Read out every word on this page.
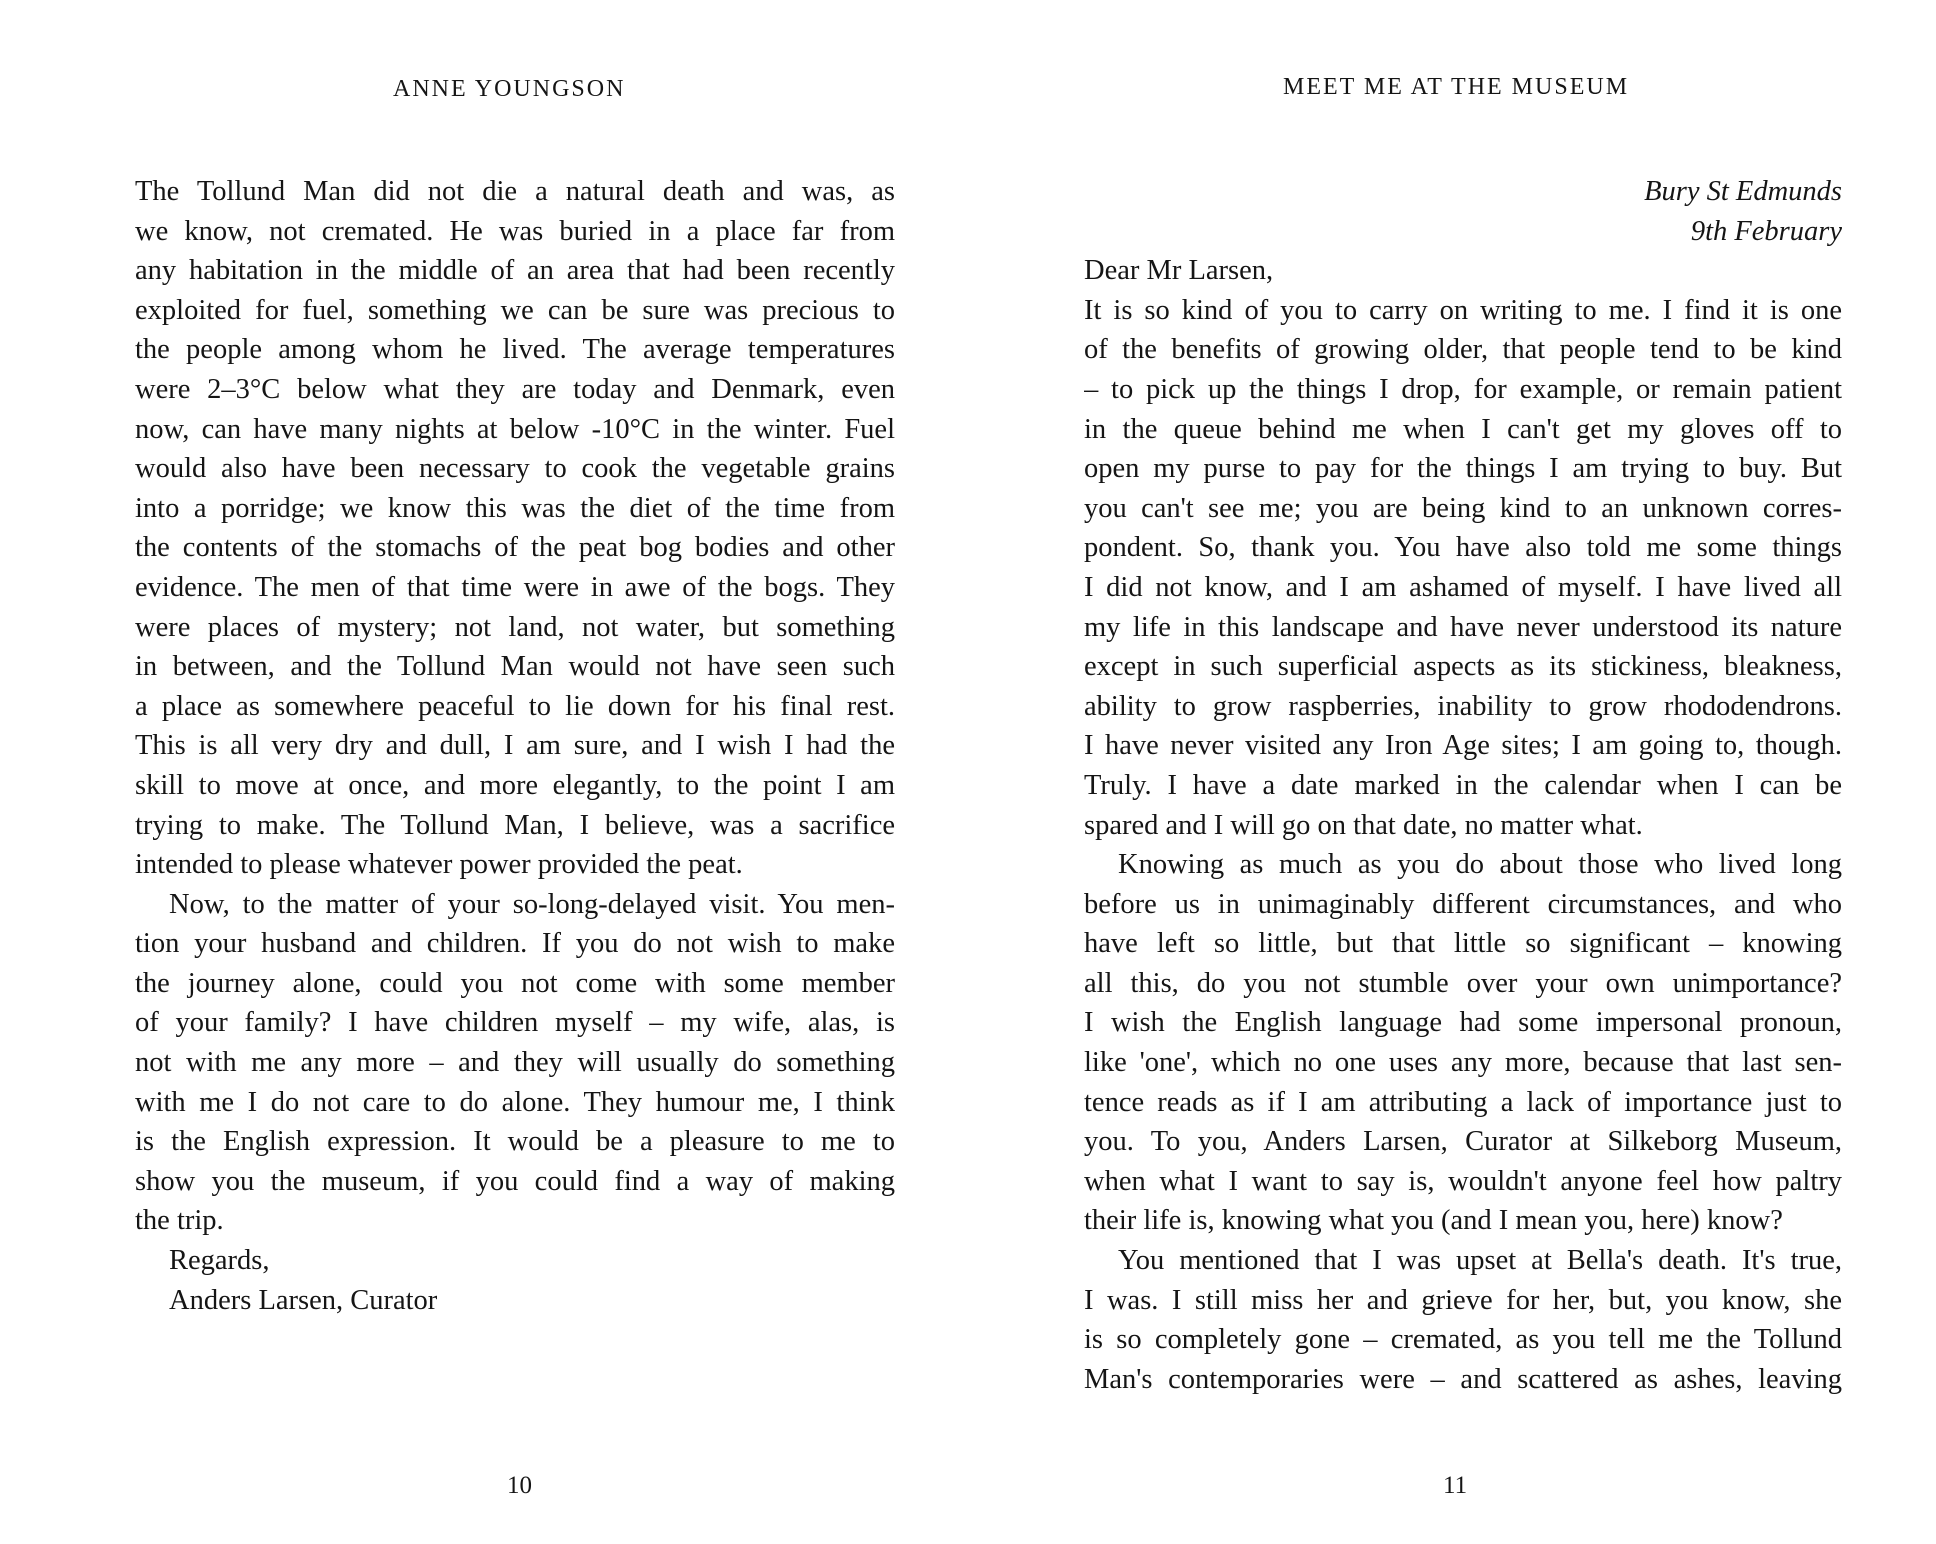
ANNE YOUNGSON
The Tollund Man did not die a natural death and was, as
we know, not cremated. He was buried in a place far from
any habitation in the middle of an area that had been recently
exploited for fuel, something we can be sure was precious to
the people among whom he lived. The average temperatures
were 2–3°C below what they are today and Denmark, even
now, can have many nights at below -10°C in the winter. Fuel
would also have been necessary to cook the vegetable grains
into a porridge; we know this was the diet of the time from
the contents of the stomachs of the peat bog bodies and other
evidence. The men of that time were in awe of the bogs. They
were places of mystery; not land, not water, but something
in between, and the Tollund Man would not have seen such
a place as somewhere peaceful to lie down for his final rest.
This is all very dry and dull, I am sure, and I wish I had the
skill to move at once, and more elegantly, to the point I am
trying to make. The Tollund Man, I believe, was a sacrifice
intended to please whatever power provided the peat.
Now, to the matter of your so-long-delayed visit. You men-
tion your husband and children. If you do not wish to make
the journey alone, could you not come with some member
of your family? I have children myself – my wife, alas, is
not with me any more – and they will usually do something
with me I do not care to do alone. They humour me, I think
is the English expression. It would be a pleasure to me to
show you the museum, if you could find a way of making
the trip.
Regards,
Anders Larsen, Curator
10
MEET ME AT THE MUSEUM
Bury St Edmunds
9th February
Dear Mr Larsen,
It is so kind of you to carry on writing to me. I find it is one
of the benefits of growing older, that people tend to be kind
– to pick up the things I drop, for example, or remain patient
in the queue behind me when I can't get my gloves off to
open my purse to pay for the things I am trying to buy. But
you can't see me; you are being kind to an unknown corres-
pondent. So, thank you. You have also told me some things
I did not know, and I am ashamed of myself. I have lived all
my life in this landscape and have never understood its nature
except in such superficial aspects as its stickiness, bleakness,
ability to grow raspberries, inability to grow rhododendrons.
I have never visited any Iron Age sites; I am going to, though.
Truly. I have a date marked in the calendar when I can be
spared and I will go on that date, no matter what.
Knowing as much as you do about those who lived long
before us in unimaginably different circumstances, and who
have left so little, but that little so significant – knowing
all this, do you not stumble over your own unimportance?
I wish the English language had some impersonal pronoun,
like 'one', which no one uses any more, because that last sen-
tence reads as if I am attributing a lack of importance just to
you. To you, Anders Larsen, Curator at Silkeborg Museum,
when what I want to say is, wouldn't anyone feel how paltry
their life is, knowing what you (and I mean you, here) know?
You mentioned that I was upset at Bella's death. It's true,
I was. I still miss her and grieve for her, but, you know, she
is so completely gone – cremated, as you tell me the Tollund
Man's contemporaries were – and scattered as ashes, leaving
11
